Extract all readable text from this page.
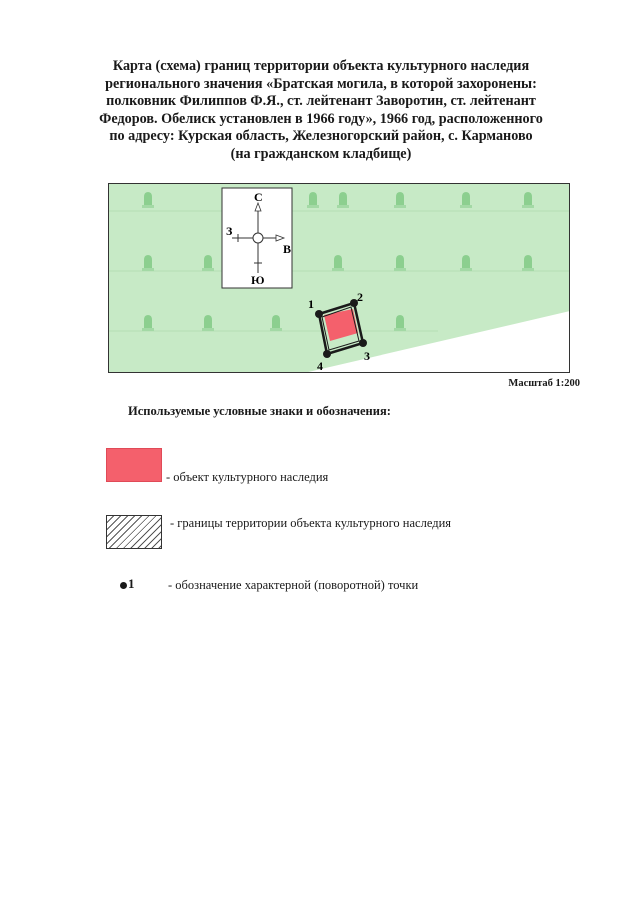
Карта (схема) границ территории объекта культурного наследия
регионального значения «Братская могила, в которой захоронены:
полковник Филиппов Ф.Я., ст. лейтенант Заворотин, ст. лейтенант
Федоров. Обелиск установлен в 1966 году», 1966 год, расположенного
по адресу: Курская область, Железногорский район, с. Карманово
(на гражданском кладбище)
С
З
В
Ю
1	2
3
4
Масштаб 1:200
Используемые условные знаки и обозначения:
- объект культурного наследия
- границы территории объекта культурного наследия
1	- обозначение характерной (поворотной) точки
